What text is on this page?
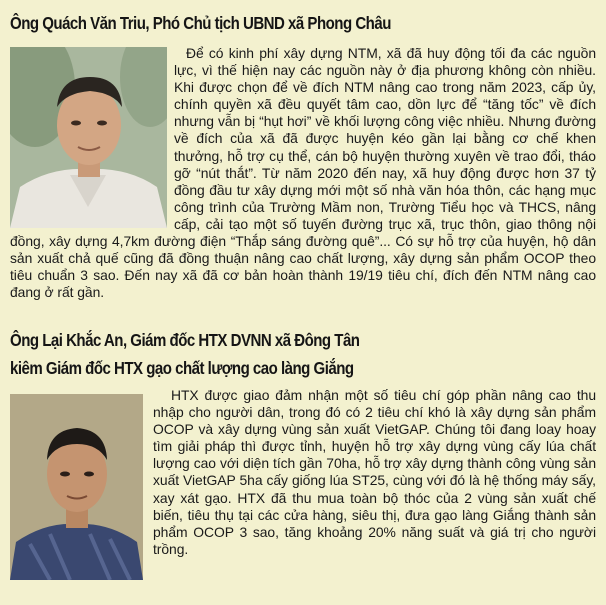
Ông Quách Văn Triu, Phó Chủ tịch UBND xã Phong Châu

Để có kinh phí xây dựng NTM, xã đã huy động tối đa các nguồn lực, vì thế hiện nay các nguồn này ở địa phương không còn nhiều. Khi được chọn để về đích NTM nâng cao trong năm 2023, cấp ủy, chính quyền xã đều quyết tâm cao, dồn lực để “tăng tốc” về đích nhưng vẫn bị “hụt hơi” về khối lượng công việc nhiều. Nhưng đường về đích của xã đã được huyện kéo gần lại bằng cơ chế khen thưởng, hỗ trợ cụ thể, cán bộ huyện thường xuyên về trao đổi, tháo gỡ “nút thắt”. Từ năm 2020 đến nay, xã huy động được hơn 37 tỷ đồng đầu tư xây dựng mới một số nhà văn hóa thôn, các hạng mục công trình của Trường Mầm non, Trường Tiểu học và THCS, nâng cấp, cải tạo một số tuyến đường trục xã, trục thôn, giao thông nội đồng, xây dựng 4,7km đường điện “Thắp sáng đường quê”... Có sự hỗ trợ của huyện, hộ dân sản xuất chả quế cũng đã đồng thuận nâng cao chất lượng, xây dựng sản phẩm OCOP theo tiêu chuẩn 3 sao. Đến nay xã đã cơ bản hoàn thành 19/19 tiêu chí, đích đến NTM nâng cao đang ở rất gần.

Ông Lại Khắc An, Giám đốc HTX DVNN xã Đông Tân
kiêm Giám đốc HTX gạo chất lượng cao làng Giắng

HTX được giao đảm nhận một số tiêu chí góp phần nâng cao thu nhập cho người dân, trong đó có 2 tiêu chí khó là xây dựng sản phẩm OCOP và xây dựng vùng sản xuất VietGAP. Chúng tôi đang loay hoay tìm giải pháp thì được tỉnh, huyện hỗ trợ xây dựng vùng cấy lúa chất lượng cao với diện tích gần 70ha, hỗ trợ xây dựng thành công vùng sản xuất VietGAP 5ha cấy giống lúa ST25, cùng với đó là hệ thống máy sấy, xay xát gạo. HTX đã thu mua toàn bộ thóc của 2 vùng sản xuất chế biến, tiêu thụ tại các cửa hàng, siêu thị, đưa gạo làng Giắng thành sản phẩm OCOP 3 sao, tăng khoảng 20% năng suất và giá trị cho người trồng.
